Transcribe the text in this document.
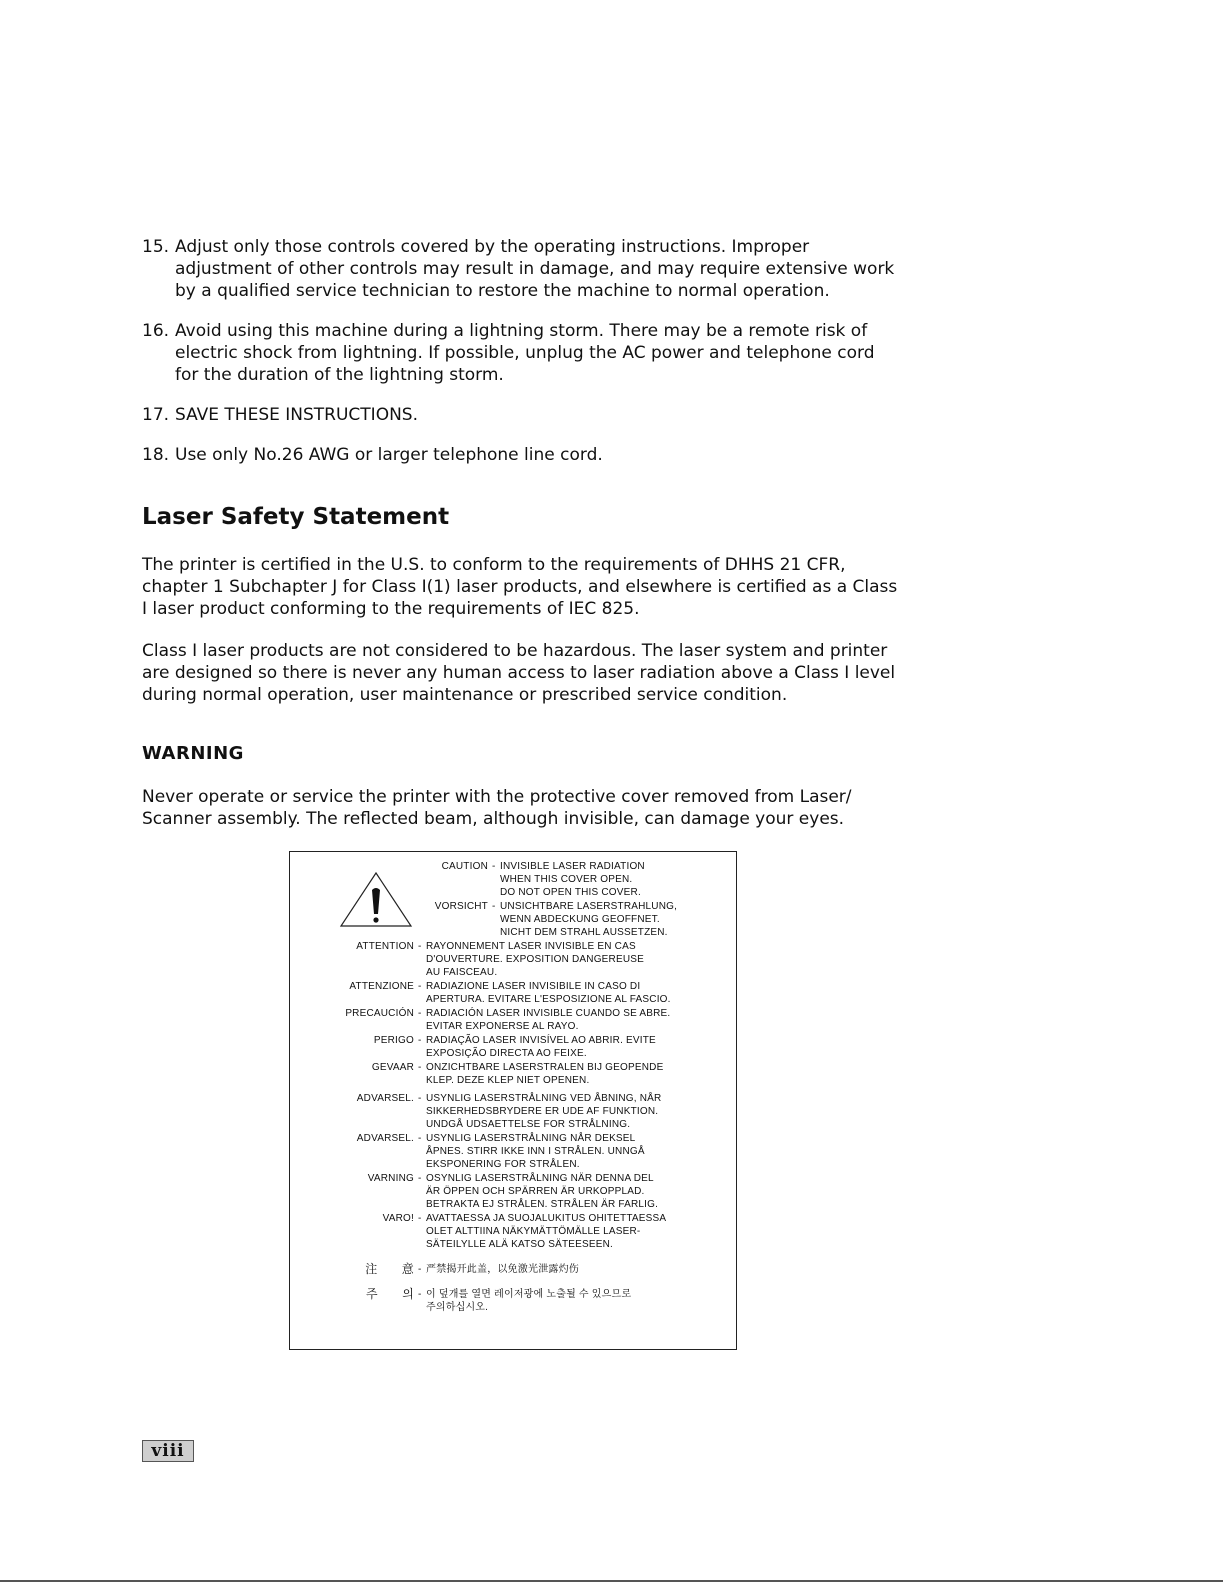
15. Adjust only those controls covered by the operating instructions. Improper adjustment of other controls may result in damage, and may require extensive work by a qualified service technician to restore the machine to normal operation.
16. Avoid using this machine during a lightning storm. There may be a remote risk of electric shock from lightning. If possible, unplug the AC power and telephone cord for the duration of the lightning storm.
17. SAVE THESE INSTRUCTIONS.
18. Use only No.26 AWG or larger telephone line cord.
Laser Safety Statement

The printer is certified in the U.S. to conform to the requirements of DHHS 21 CFR, chapter 1 Subchapter J for Class I(1) laser products, and elsewhere is certified as a Class I laser product conforming to the requirements of IEC 825.

Class I laser products are not considered to be hazardous. The laser system and printer are designed so there is never any human access to laser radiation above a Class I level during normal operation, user maintenance or prescribed service condition.

WARNING

Never operate or service the printer with the protective cover removed from Laser/ Scanner assembly. The reflected beam, although invisible, can damage your eyes.

CAUTION - INVISIBLE LASER RADIATION
WHEN THIS COVER OPEN.
DO NOT OPEN THIS COVER.
VORSICHT - UNSICHTBARE LASERSTRAHLUNG,
WENN ABDECKUNG GEOFFNET.
NICHT DEM STRAHL AUSSETZEN.
ATTENTION - RAYONNEMENT LASER INVISIBLE EN CAS
D'OUVERTURE. EXPOSITION DANGEREUSE
AU FAISCEAU.
ATTENZIONE - RADIAZIONE LASER INVISIBILE IN CASO DI
APERTURA. EVITARE L'ESPOSIZIONE AL FASCIO.
PRECAUCIÓN - RADIACIÓN LASER INVISIBLE CUANDO SE ABRE.
EVITAR EXPONERSE AL RAYO.
PERIGO - RADIAÇÃO LASER INVISÍVEL AO ABRIR. EVITE
EXPOSIÇÃO DIRECTA AO FEIXE.
GEVAAR - ONZICHTBARE LASERSTRALEN BIJ GEOPENDE
KLEP. DEZE KLEP NIET OPENEN.
ADVARSEL. - USYNLIG LASERSTRÅLNING VED ÅBNING, NÅR
SIKKERHEDSBRYDERE ER UDE AF FUNKTION.
UNDGÅ UDSAETTELSE FOR STRÅLNING.
ADVARSEL. - USYNLIG LASERSTRÅLNING NÅR DEKSEL
ÅPNES. STIRR IKKE INN I STRÅLEN. UNNGÅ
EKSPONERING FOR STRÅLEN.
VARNING - OSYNLIG LASERSTRÅLNING NÄR DENNA DEL
ÄR ÖPPEN OCH SPÄRREN ÄR URKOPPLAD.
BETRAKTA EJ STRÅLEN. STRÅLEN ÄR FARLIG.
VARO! - AVATTAESSA JA SUOJALUKITUS OHITETTAESSA
OLET ALTTIINA NÄKYMÄTTÖMÄLLE LASER-
SÄTEILYLLE ALÄ KATSO SÄTEESEEN.
注　　意 - 严禁揭开此盖，以免激光泄露灼伤
주　　의 - 이 덮개를 열면 레이저광에 노출될 수 있으므로
주의하십시오.
viii
